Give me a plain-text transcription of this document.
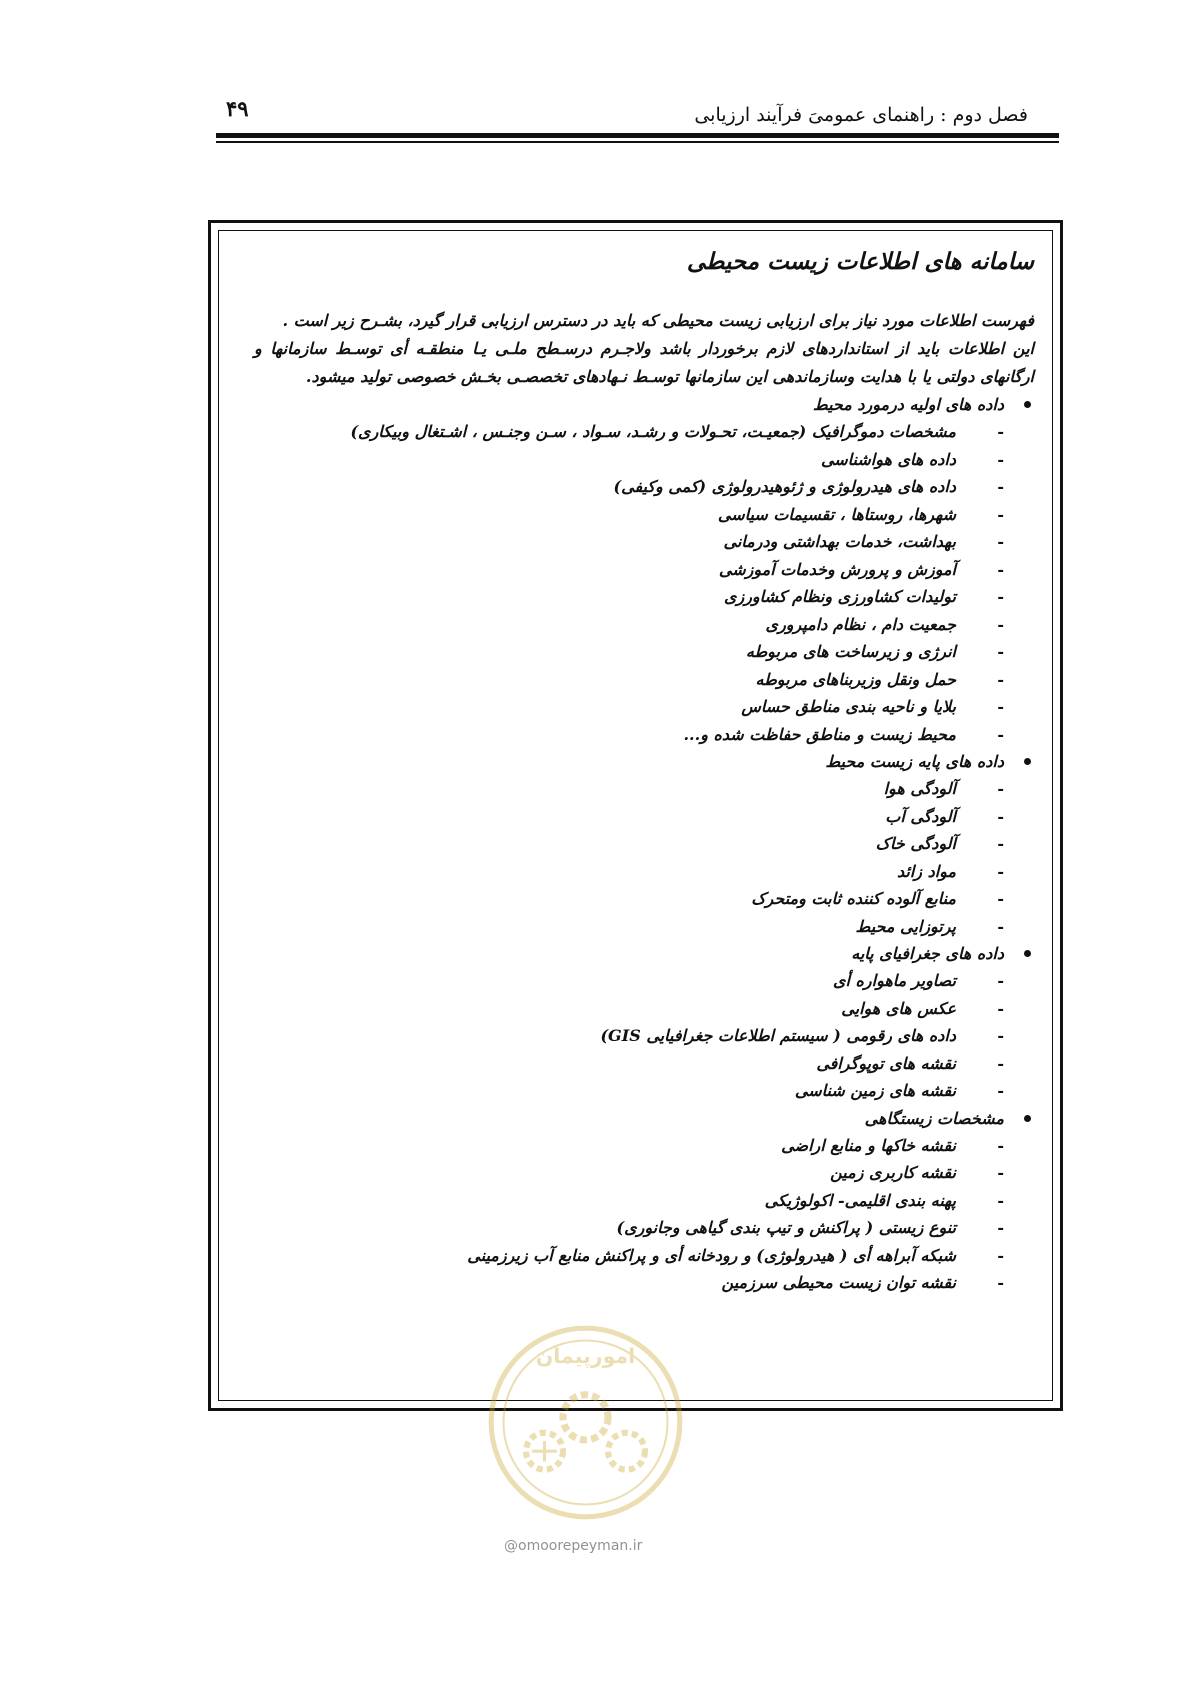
۴۹	فصل دوم : راهنمای عمومیَ فرآیند ارزیابی
سامانه های اطلاعات زیست محیطی

فهرست اطلاعات مورد نیاز برای ارزیابی زیست محیطی که باید در دسترس ارزیابی قرار گیرد، بشـرح زیر است .

این اطلاعات باید از استانداردهای لازم برخوردار باشد ولاجـرم درسـطح ملـی یـا منطقـه أی توسـط سازمانها و ارگانهای دولتی یا با هدایت وسازماندهی این سازمانها توسـط نـهادهای تخصصـی بخـش خصوصی تولید میشود.

داده های اولیه درمورد محیط
-
مشخصات دموگرافیک (جمعیـت، تحـولات و رشـد، سـواد ، سـن وجنـس ، اشـتغال وبیکاری)
-
داده های هواشناسی
-
داده های هیدرولوژی و ژئوهیدرولوژی (کمی وکیفی)
-
شهرها، روستاها ، تقسیمات سیاسی
-
بهداشت، خدمات بهداشتی ودرمانی
-
آموزش و پرورش وخدمات آموزشی
-
تولیدات کشاورزی ونظام کشاورزی
-
جمعیت دام ، نظام دامپروری
-
انرژی و زیرساخت های مربوطه
-
حمل ونقل وزیربناهای مربوطه
-
بلایا و ناحیه بندی مناطق حساس
-
محیط زیست و مناطق حفاظت شده و...
داده های پایه زیست محیط
-
آلودگی هوا
-
آلودگی آب
-
آلودگی خاک
-
مواد زائد
-
منابع آلوده کننده ثابت ومتحرک
-
پرتوزایی محیط
داده های جغرافیای پایه
-
تصاویر ماهواره أی
-
عکس های هوایی
-
داده های رقومی ( سیستم اطلاعات جغرافیایی GIS)
-
نقشه های توپوگرافی
-
نقشه های زمین شناسی
مشخصات زیستگاهی
-
نقشه خاکها و منابع اراضی
-
نقشه کاربری زمین
-
پهنه بندی اقلیمی- اکولوژیکی
-
تنوع زیستی ( پراکنش و تیپ بندی گیاهی وجانوری)
-
شبکه آبراهه أی ( هیدرولوژی) و رودخانه أی و پراکنش منابع آب زیرزمینی
-
نقشه توان زیست محیطی سرزمین
امورپیمان
@omoorepeyman.ir
